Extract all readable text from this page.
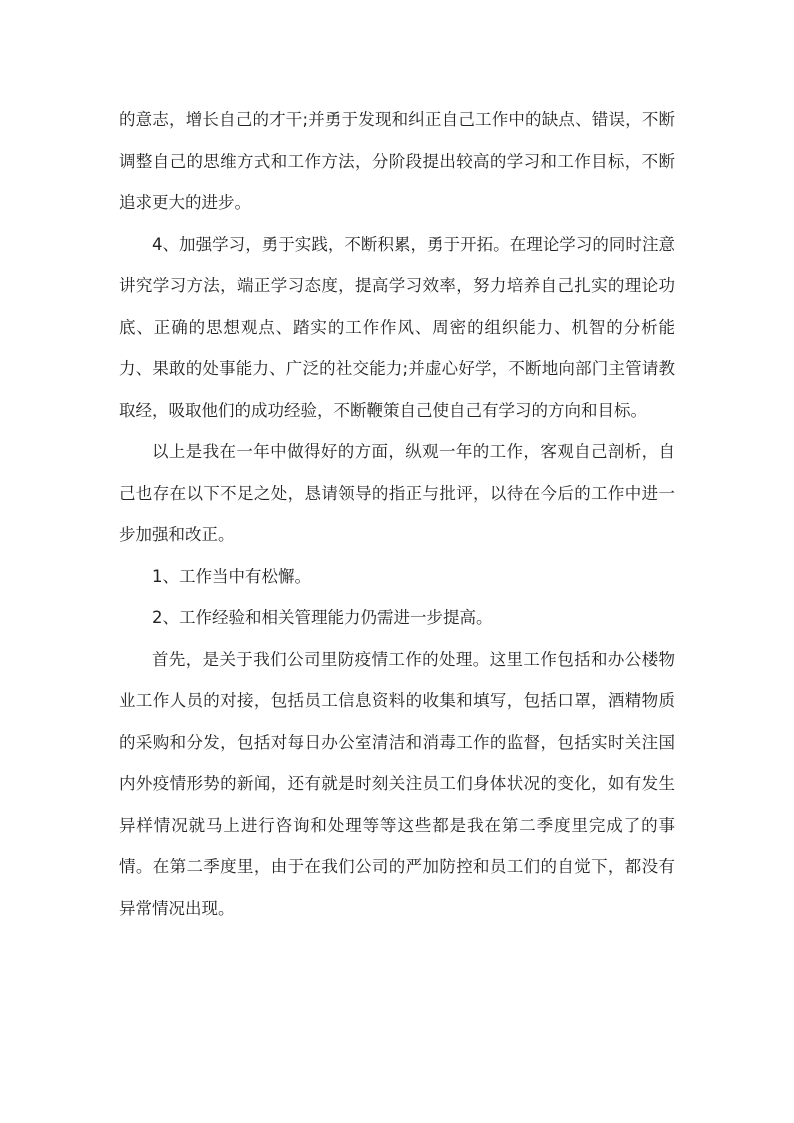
的意志，增长自己的才干;并勇于发现和纠正自己工作中的缺点、错误，不断调整自己的思维方式和工作方法，分阶段提出较高的学习和工作目标，不断追求更大的进步。

4、加强学习，勇于实践，不断积累，勇于开拓。在理论学习的同时注意讲究学习方法，端正学习态度，提高学习效率，努力培养自己扎实的理论功底、正确的思想观点、踏实的工作作风、周密的组织能力、机智的分析能力、果敢的处事能力、广泛的社交能力;并虚心好学，不断地向部门主管请教取经，吸取他们的成功经验，不断鞭策自己使自己有学习的方向和目标。

以上是我在一年中做得好的方面，纵观一年的工作，客观自己剖析，自己也存在以下不足之处，恳请领导的指正与批评，以待在今后的工作中进一步加强和改正。

1、工作当中有松懈。

2、工作经验和相关管理能力仍需进一步提高。

首先，是关于我们公司里防疫情工作的处理。这里工作包括和办公楼物业工作人员的对接，包括员工信息资料的收集和填写，包括口罩，酒精物质的采购和分发，包括对每日办公室清洁和消毒工作的监督，包括实时关注国内外疫情形势的新闻，还有就是时刻关注员工们身体状况的变化，如有发生异样情况就马上进行咨询和处理等等这些都是我在第二季度里完成了的事情。在第二季度里，由于在我们公司的严加防控和员工们的自觉下，都没有异常情况出现。
